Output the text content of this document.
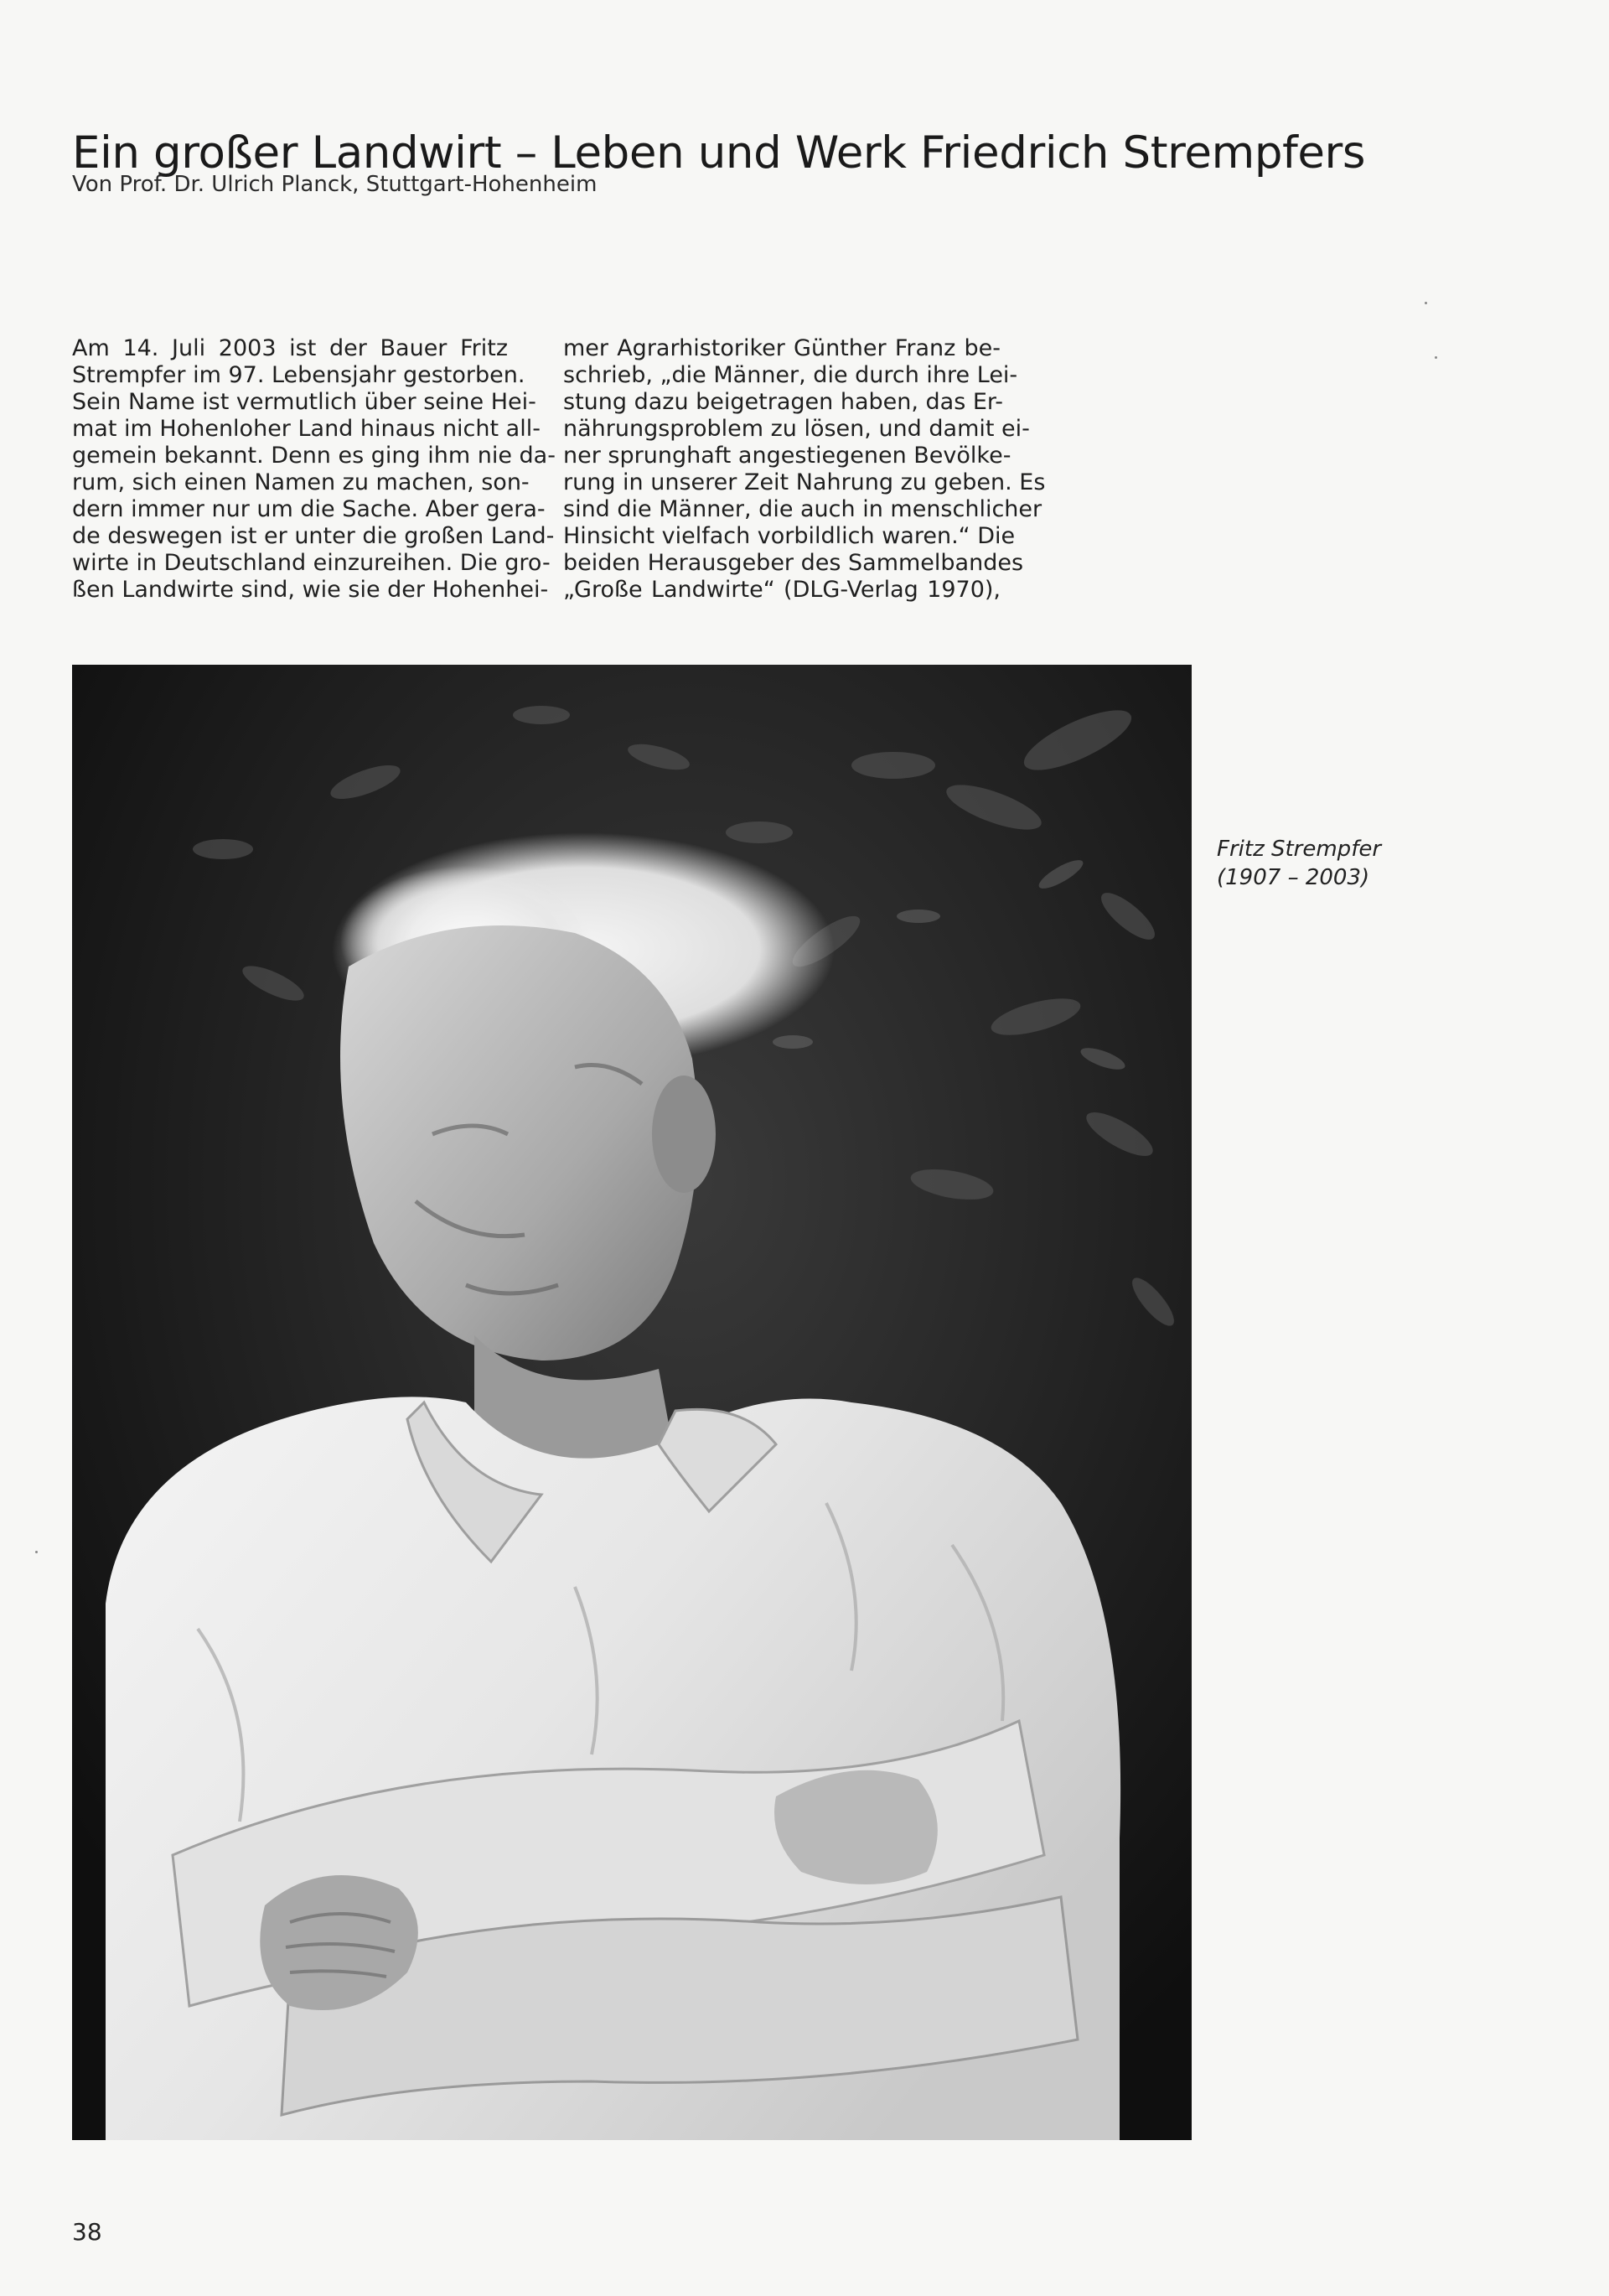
Ein großer Landwirt – Leben und Werk Friedrich Strempfers
Von Prof. Dr. Ulrich Planck, Stuttgart-Hohenheim
Am 14. Juli 2003 ist der Bauer Fritz
Strempfer im 97. Lebensjahr gestorben.
Sein Name ist vermutlich über seine Hei-
mat im Hohenloher Land hinaus nicht all-
gemein bekannt. Denn es ging ihm nie da-
rum, sich einen Namen zu machen, son-
dern immer nur um die Sache. Aber gera-
de deswegen ist er unter die großen Land-
wirte in Deutschland einzureihen. Die gro-
ßen Landwirte sind, wie sie der Hohenhei-
mer Agrarhistoriker Günther Franz be-
schrieb, „die Männer, die durch ihre Lei-
stung dazu beigetragen haben, das Er-
nährungsproblem zu lösen, und damit ei-
ner sprunghaft angestiegenen Bevölke-
rung in unserer Zeit Nahrung zu geben. Es
sind die Männer, die auch in menschlicher
Hinsicht vielfach vorbildlich waren.“ Die
beiden Herausgeber des Sammelbandes
„Große Landwirte“ (DLG-Verlag 1970),
Fritz Strempfer
(1907 – 2003)
38
